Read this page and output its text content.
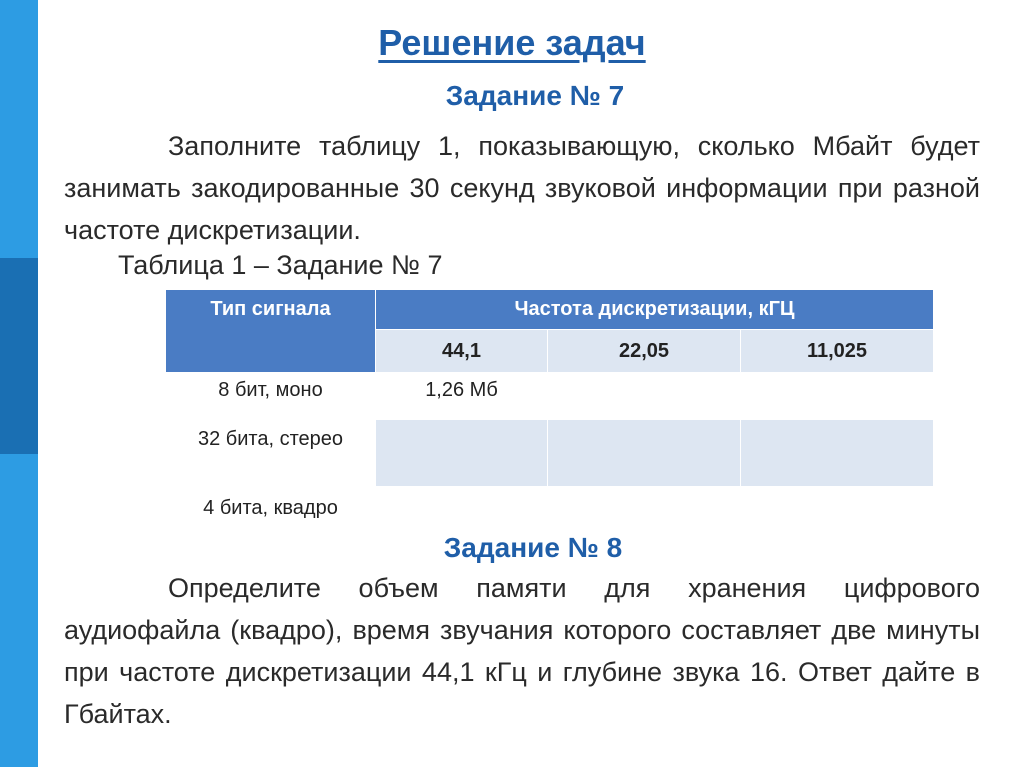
Решение задач
Задание № 7
Заполните таблицу 1, показывающую, сколько Мбайт будет занимать закодированные 30 секунд звуковой информации при разной частоте дискретизации.
Таблица 1 – Задание № 7
Тип сигнала	Частота дискретизации, кГЦ		
	44,1	22,05	11,025
8 бит, моно	1,26 Мб		
32 бита, стерео			
4 бита, квадро			
Задание № 8
Определите объем памяти для хранения цифрового аудиофайла (квадро), время звучания которого составляет две минуты при частоте дискретизации 44,1 кГц и глубине звука 16. Ответ дайте в Гбайтах.
